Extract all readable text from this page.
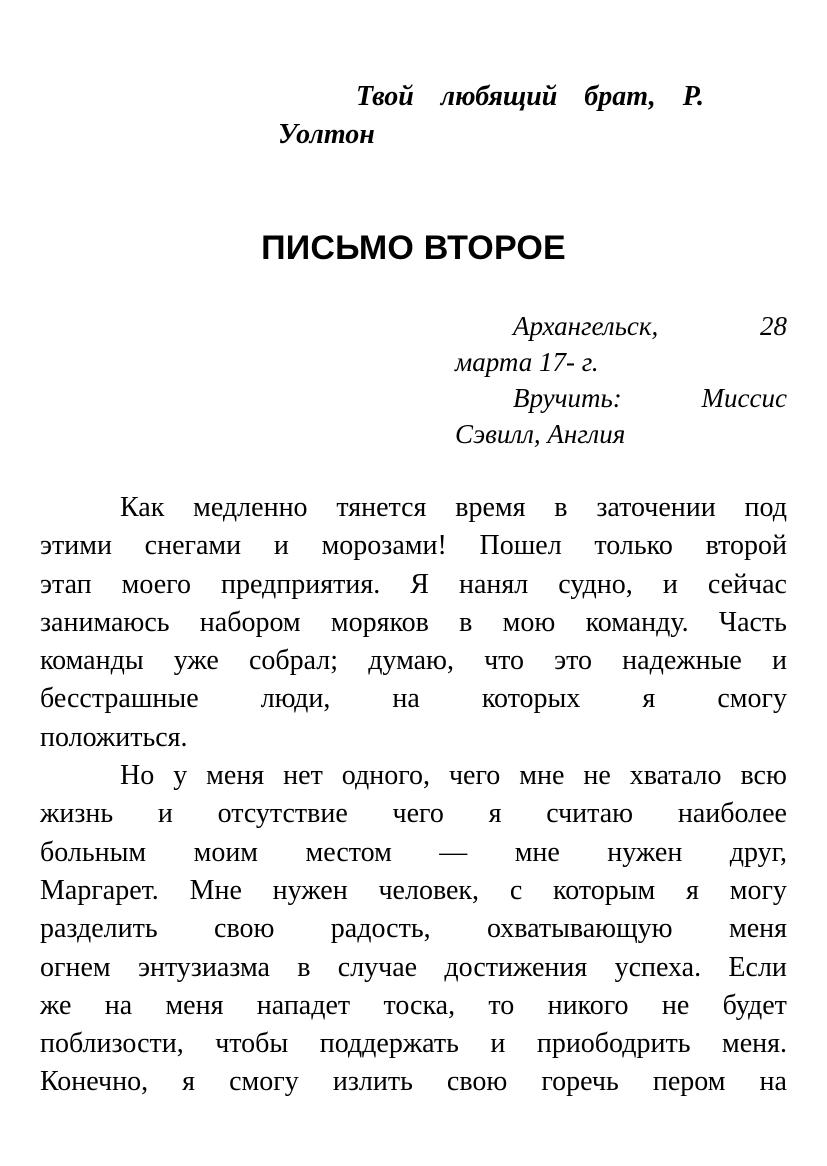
Твой любящий брат, Р.
Уолтон
ПИСЬМО ВТОРОЕ
Архангельск,	28
марта 17- г.
Вручить:	Миссис
Сэвилл, Англия
Как медленно тянется время в заточении под
этими снегами и морозами! Пошел только второй
этап моего предприятия. Я нанял судно, и сейчас
занимаюсь набором моряков в мою команду. Часть
команды уже собрал; думаю, что это надежные и
бесстрашные люди, на которых я смогу
положиться.
Но у меня нет одного, чего мне не хватало всю
жизнь и отсутствие чего я считаю наиболее
больным моим местом — мне нужен друг,
Маргарет. Мне нужен человек, с которым я могу
разделить свою радость, охватывающую меня
огнем энтузиазма в случае достижения успеха. Если
же на меня нападет тоска, то никого не будет
поблизости, чтобы поддержать и приободрить меня.
Конечно, я смогу излить свою горечь пером на
